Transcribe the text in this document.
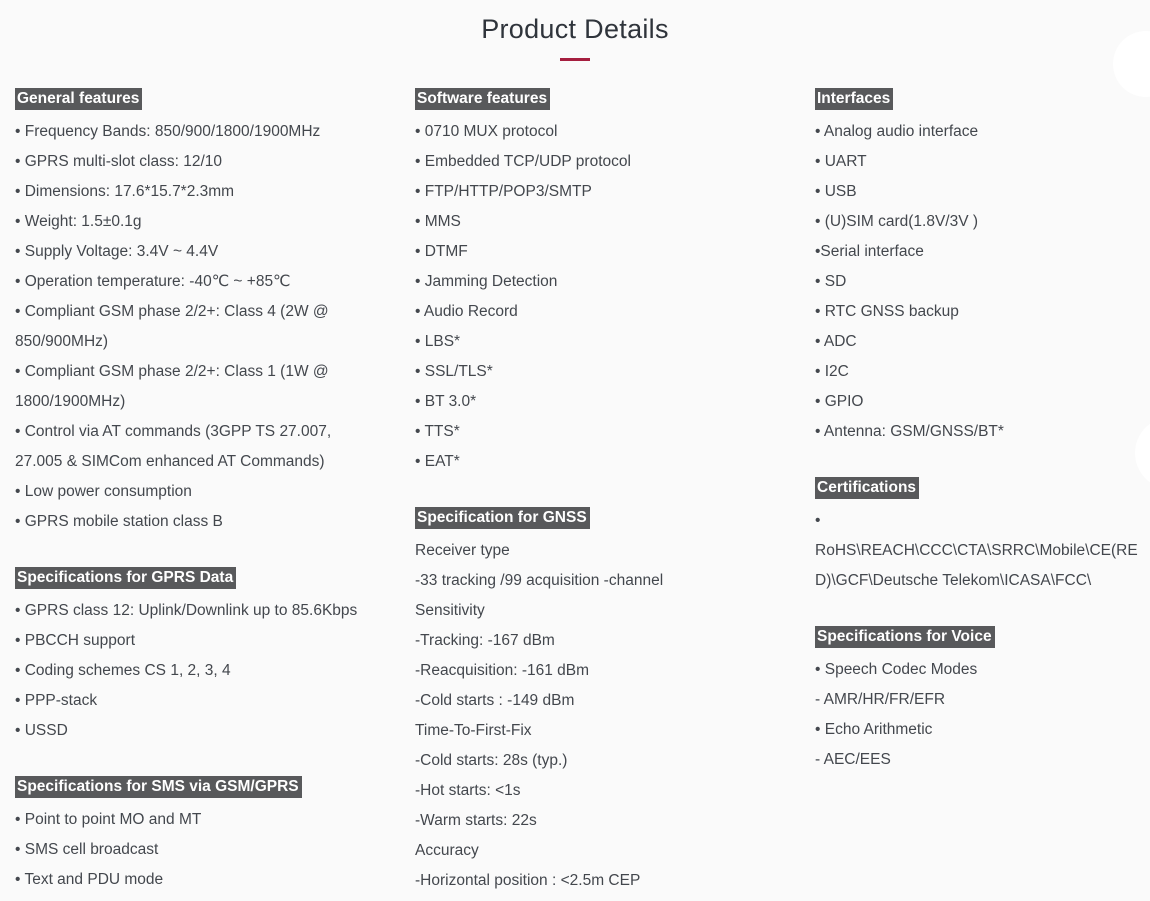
Product Details
General features
• Frequency Bands: 850/900/1800/1900MHz
• GPRS multi-slot class: 12/10
• Dimensions: 17.6*15.7*2.3mm
• Weight: 1.5±0.1g
• Supply Voltage: 3.4V ~ 4.4V
• Operation temperature: -40℃ ~ +85℃
• Compliant GSM phase 2/2+: Class 4 (2W @ 850/900MHz)
• Compliant GSM phase 2/2+: Class 1 (1W @ 1800/1900MHz)
• Control via AT commands (3GPP TS 27.007, 27.005 & SIMCom enhanced AT Commands)
• Low power consumption
• GPRS mobile station class B
Specifications for GPRS Data
• GPRS class 12: Uplink/Downlink up to 85.6Kbps
• PBCCH support
• Coding schemes CS 1, 2, 3, 4
• PPP-stack
• USSD
Specifications for SMS via GSM/GPRS
• Point to point MO and MT
• SMS cell broadcast
• Text and PDU mode
Software features
• 0710 MUX protocol
• Embedded TCP/UDP protocol
• FTP/HTTP/POP3/SMTP
• MMS
• DTMF
• Jamming Detection
• Audio Record
• LBS*
• SSL/TLS*
• BT 3.0*
• TTS*
• EAT*
Specification for GNSS
Receiver type
-33 tracking /99 acquisition -channel
Sensitivity
-Tracking: -167 dBm
-Reacquisition: -161 dBm
-Cold starts : -149 dBm
Time-To-First-Fix
-Cold starts: 28s (typ.)
-Hot starts: <1s
-Warm starts: 22s
Accuracy
-Horizontal position : <2.5m CEP
Interfaces
• Analog audio interface
• UART
• USB
• (U)SIM card(1.8V/3V )
•Serial interface
• SD
• RTC GNSS backup
• ADC
• I2C
• GPIO
• Antenna: GSM/GNSS/BT*
Certifications
•
RoHS\REACH\CCC\CTA\SRRC\Mobile\CE(RED)\GCF\Deutsche Telekom\ICASA\FCC\
Specifications for Voice
• Speech Codec Modes
- AMR/HR/FR/EFR
• Echo Arithmetic
- AEC/EES
